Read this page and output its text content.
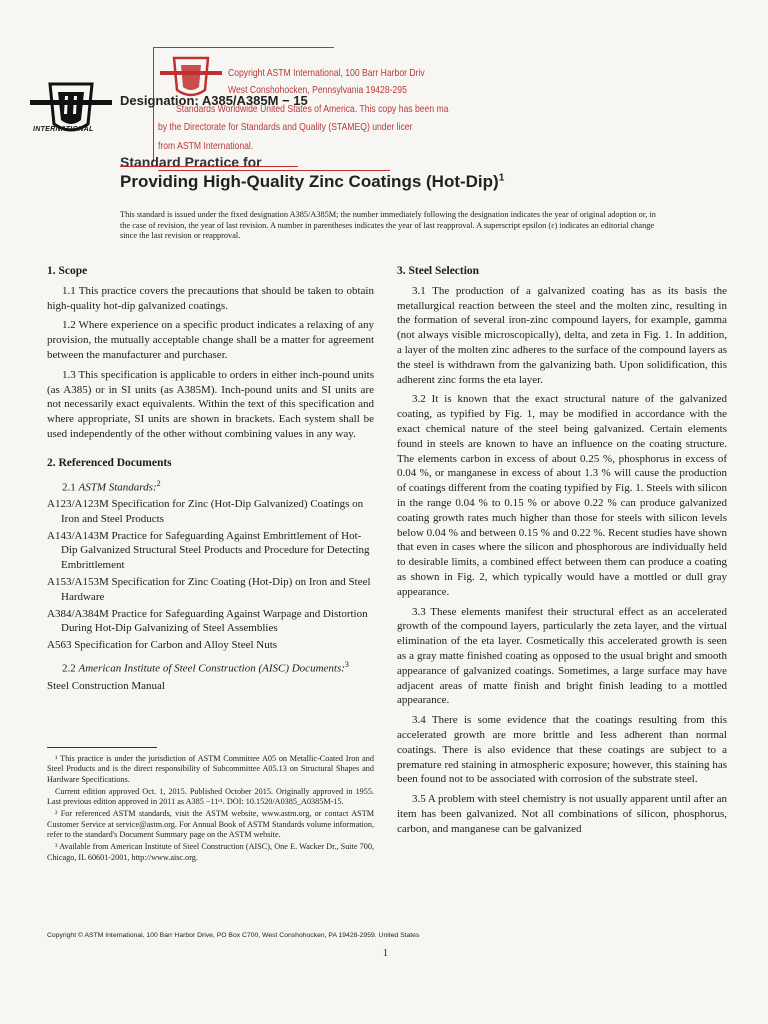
INTERNATIONAL
Designation: A385/A385M − 15
Copyright ASTM International, 100 Barr Harbor Driv
West Conshohocken, Pennsylvania 19428-295
Standards Worldwide United States of America. This copy has been ma
by the Directorate for Standards and Quality (STAMEQ) under licer
from ASTM International.
Standard Practice for
Providing High-Quality Zinc Coatings $(Hot-Dip)^1$
This standard is issued under the fixed designation A385/A385M; the number immediately following the designation indicates the year of original adoption or, in the case of revision, the year of last revision. A number in parentheses indicates the year of last reapproval. A superscript epsilon (ε) indicates an editorial change since the last revision or reapproval.
1. Scope

1.1 This practice covers the precautions that should be taken to obtain high-quality hot-dip galvanized coatings.

1.2 Where experience on a specific product indicates a relaxing of any provision, the mutually acceptable change shall be a matter for agreement between the manufacturer and purchaser.

1.3 This specification is applicable to orders in either inch-pound units (as A385) or in SI units (as A385M). Inch-pound units and SI units are not necessarily exact equivalents. Within the text of this specification and where appropriate, SI units are shown in brackets. Each system shall be used independently of the other without combining values in any way.

2. Referenced Documents

2.1 ASTM Standards:$^2$

A123/A123M Specification for Zinc (Hot-Dip Galvanized) Coatings on Iron and Steel Products

A143/A143M Practice for Safeguarding Against Embrittlement of Hot-Dip Galvanized Structural Steel Products and Procedure for Detecting Embrittlement

A153/A153M Specification for Zinc Coating (Hot-Dip) on Iron and Steel Hardware

A384/A384M Practice for Safeguarding Against Warpage and Distortion During Hot-Dip Galvanizing of Steel Assemblies

A563 Specification for Carbon and Alloy Steel Nuts

2.2 American Institute of Steel Construction (AISC) Documents:$^3$

Steel Construction Manual

¹ This practice is under the jurisdiction of ASTM Committee A05 on Metallic-Coated Iron and Steel Products and is the direct responsibility of Subcommittee A05.13 on Structural Shapes and Hardware Specifications.

Current edition approved Oct. 1, 2015. Published October 2015. Originally approved in 1955. Last previous edition approved in 2011 as A385 −11ᵋ¹. DOI: 10.1520/A0385_A0385M-15.

² For referenced ASTM standards, visit the ASTM website, www.astm.org, or contact ASTM Customer Service at service@astm.org. For Annual Book of ASTM Standards volume information, refer to the standard's Document Summary page on the ASTM website.

³ Available from American Institute of Steel Construction (AISC), One E. Wacker Dr., Suite 700, Chicago, IL 60601-2001, http://www.aisc.org.

3. Steel Selection

3.1 The production of a galvanized coating has as its basis the metallurgical reaction between the steel and the molten zinc, resulting in the formation of several iron-zinc compound layers, for example, gamma (not always visible microscopically), delta, and zeta in Fig. 1. In addition, a layer of the molten zinc adheres to the surface of the compound layers as the steel is withdrawn from the galvanizing bath. Upon solidification, this adherent zinc forms the eta layer.

3.2 It is known that the exact structural nature of the galvanized coating, as typified by Fig. 1, may be modified in accordance with the exact chemical nature of the steel being galvanized. Certain elements found in steels are known to have an influence on the coating structure. The elements carbon in excess of about 0.25 %, phosphorus in excess of 0.04 %, or manganese in excess of about 1.3 % will cause the production of coatings different from the coating typified by Fig. 1. Steels with silicon in the range 0.04 % to 0.15 % or above 0.22 % can produce galvanized coating growth rates much higher than those for steels with silicon levels below 0.04 % and between 0.15 % and 0.22 %. Recent studies have shown that even in cases where the silicon and phosphorous are individually held to desirable limits, a combined effect between them can produce a coating as shown in Fig. 2, which typically would have a mottled or dull gray appearance.

3.3 These elements manifest their structural effect as an accelerated growth of the compound layers, particularly the zeta layer, and the virtual elimination of the eta layer. Cosmetically this accelerated growth is seen as a gray matte finished coating as opposed to the usual bright and smooth appearance of galvanized coatings. Sometimes, a large surface may have adjacent areas of matte finish and bright finish leading to a mottled appearance.

3.4 There is some evidence that the coatings resulting from this accelerated growth are more brittle and less adherent than normal coatings. There is also evidence that these coatings are subject to a premature red staining in atmospheric exposure; however, this staining has been found not to be associated with corrosion of the substrate steel.

3.5 A problem with steel chemistry is not usually apparent until after an item has been galvanized. Not all combinations of silicon, phosphorus, carbon, and manganese can be galvanized

Copyright © ASTM International, 100 Barr Harbor Drive, PO Box C700, West Conshohocken, PA 19428-2959. United States
1
